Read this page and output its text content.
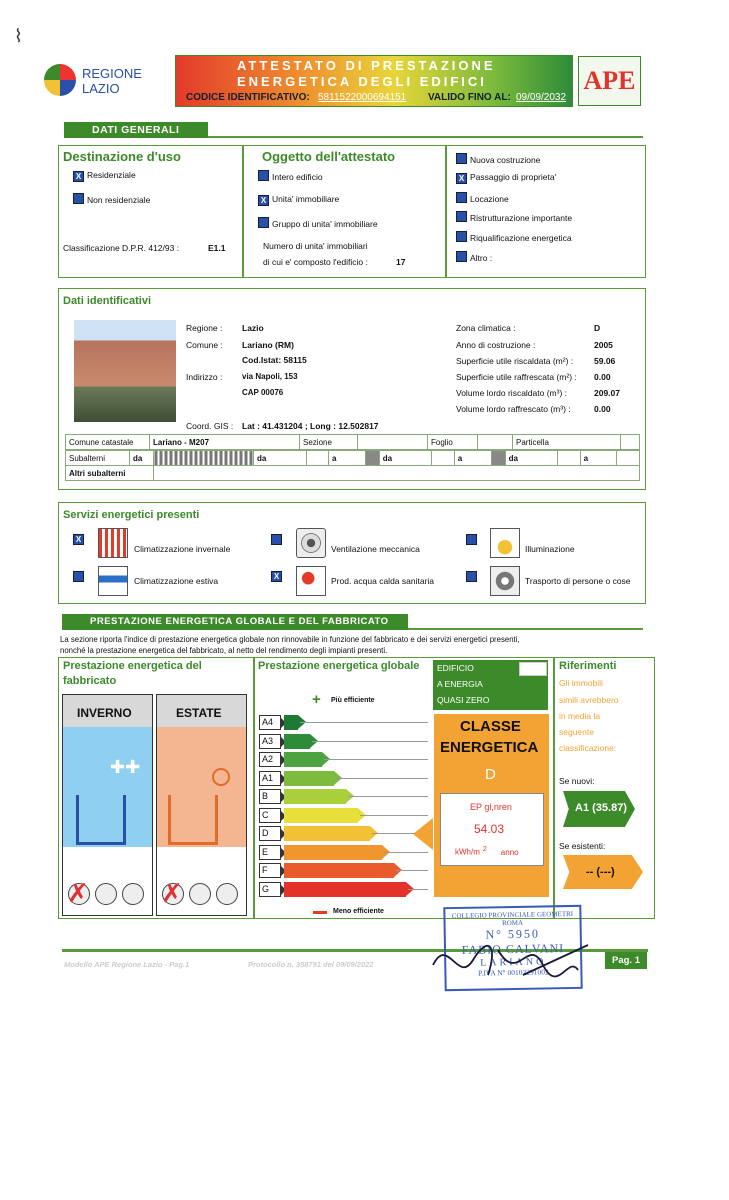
REGIONE
LAZIO
ATTESTATO DI PRESTAZIONE
ENERGETICA DEGLI EDIFICI
CODICE IDENTIFICATIVO: 5811522000694151 VALIDO FINO AL: 09/09/2032
APE
DATI GENERALI
Destinazione d'uso
XResidenziale
Non residenziale
Classificazione D.P.R. 412/93 :	E1.1
Oggetto dell'attestato
Intero edificio
XUnita' immobiliare
Gruppo di unita' immobiliare
Numero di unita' immobiliari
di cui e' composto l'edificio :	17
Nuova costruzione
XPassaggio di proprieta'
Locazione
Ristrutturazione importante
Riqualificazione energetica
Altro :
Dati identificativi
Regione : Lazio
Comune : Lariano (RM)
Cod.Istat: 58115
Indirizzo : via Napoli, 153
CAP 00076
Coord. GIS : Lat : 41.431204 ; Long : 12.502817
Zona climatica :	D
Anno di costruzione :	2005
Superficie utile riscaldata (m²) : 59.06
Superficie utile raffrescata (m²) : 0.00
Volume lordo riscaldato (m³) :	209.07
Volume lordo raffrescato (m³) :	0.00
Comune catastale	Lariano - M207	Sezione		Foglio		Particella	
Subalterni	da		da		a		da		a		da		a	
Altri subalterni														
Servizi energetici presenti
X
Climatizzazione invernale	Ventilazione meccanica	Illuminazione
Climatizzazione estiva X	Prod. acqua calda sanitaria	Trasporto di persone o cose
PRESTAZIONE ENERGETICA GLOBALE E DEL FABBRICATO
La sezione riporta l'indice di prestazione energetica globale non rinnovabile in funzione del fabbricato e dei servizi energetici presenti,
nonché la prestazione energetica del fabbricato, al netto del rendimento degli impianti presenti.
Prestazione energetica del
fabbricato
INVERNO
✚✚
✗
ESTATE
✗
Prestazione energetica globale
+ Più efficiente
A4
A3
A2
A1
B
C
D
E
F
G
Meno efficiente
EDIFICIO
A ENERGIA
QUASI ZERO
CLASSE
ENERGETICA
D
EP gl,nren
54.03
kWh/m $^2$ anno
Riferimenti
Gli immobili
simili avrebbero
in media la
seguente
classificazione:
Se nuovi:
A1 (35.87)
Se esistenti:
-- (---)
Modello APE Regione Lazio - Pag.1	Protocollo n. 358791 del 09/09/2022	Pag. 1
COLLEGIO PROVINCIALE GEOMETRI ROMA
N° 5950
FABIO CALVANI
LARIANO
P.IVA N° 00102291002
⌇
